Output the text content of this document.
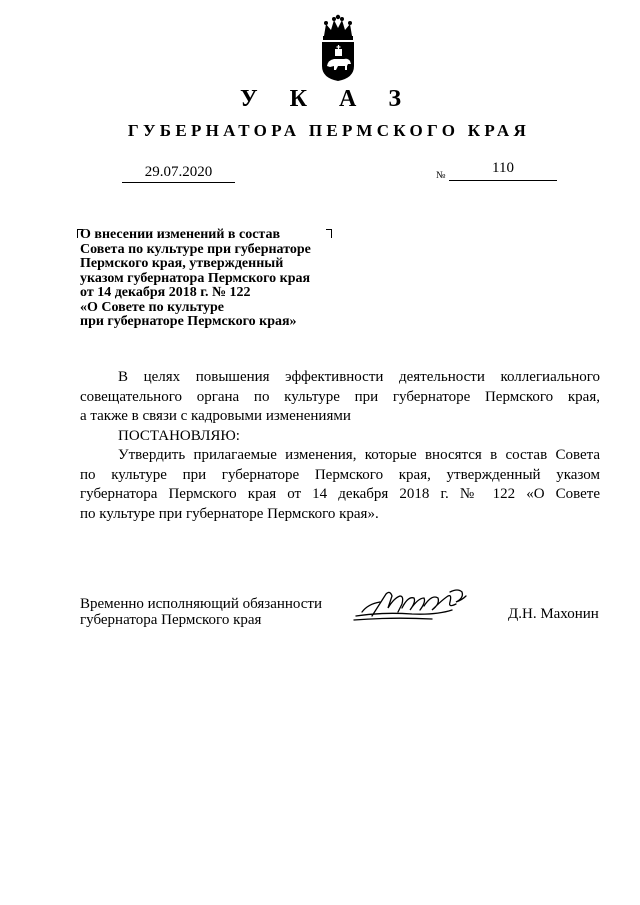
У К А З
ГУБЕРНАТОРА ПЕРМСКОГО КРАЯ
29.07.2020	№	110
О внесении изменений в состав
Совета по культуре при губернаторе
Пермского края, утвержденный
указом губернатора Пермского края
от 14 декабря 2018 г. № 122
«О Совете по культуре
при губернаторе Пермского края»
В целях повышения эффективности деятельности коллегиального
совещательного органа по культуре при губернаторе Пермского края,
а также в связи с кадровыми изменениями
ПОСТАНОВЛЯЮ:
Утвердить прилагаемые изменения, которые вносятся в состав Совета
по культуре при губернаторе Пермского края, утвержденный указом
губернатора Пермского края от 14 декабря 2018 г. № 122 «О Совете
по культуре при губернаторе Пермского края».
Временно исполняющий обязанности
губернатора Пермского края	Д.Н. Махонин
